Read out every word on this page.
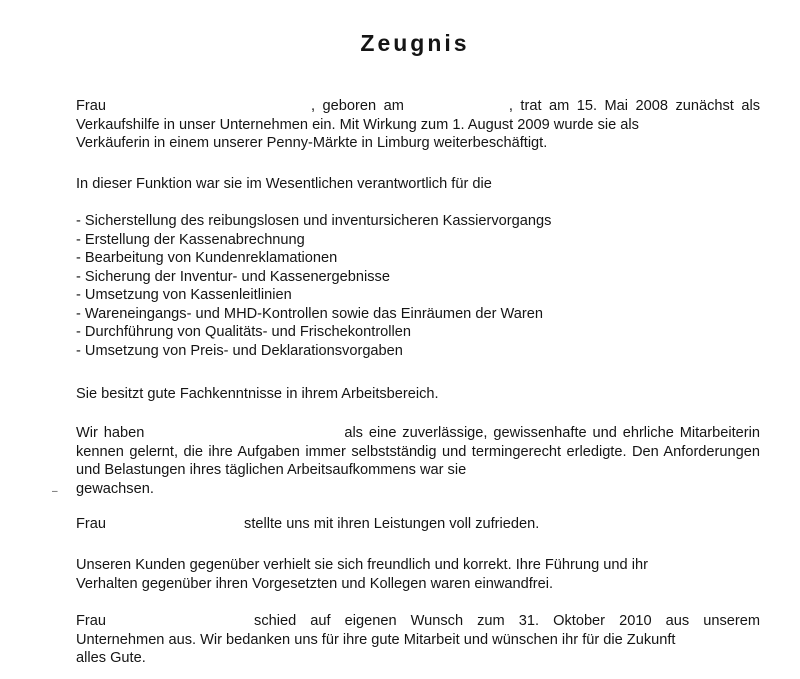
Zeugnis
Frau	, geboren am	, trat am 15. Mai 2008 zunächst als Verkaufshilfe in unser Unternehmen ein. Mit Wirkung zum 1. August 2009 wurde sie als
Verkäuferin in einem unserer Penny-Märkte in Limburg weiterbeschäftigt.
In dieser Funktion war sie im Wesentlichen verantwortlich für die
- Sicherstellung des reibungslosen und inventursicheren Kassiervorgangs
- Erstellung der Kassenabrechnung
- Bearbeitung von Kundenreklamationen
- Sicherung der Inventur- und Kassenergebnisse
- Umsetzung von Kassenleitlinien
- Wareneingangs- und MHD-Kontrollen sowie das Einräumen der Waren
- Durchführung von Qualitäts- und Frischekontrollen
- Umsetzung von Preis- und Deklarationsvorgaben
Sie besitzt gute Fachkenntnisse in ihrem Arbeitsbereich.
Wir haben	als eine zuverlässige, gewissenhafte und ehrliche Mitarbeiterin kennen gelernt, die ihre Aufgaben immer selbstständig und termingerecht erledigte. Den Anforderungen und Belastungen ihres täglichen Arbeitsaufkommens war sie
gewachsen.
–
Frau	stellte uns mit ihren Leistungen voll zufrieden.
Unseren Kunden gegenüber verhielt sie sich freundlich und korrekt. Ihre Führung und ihr
Verhalten gegenüber ihren Vorgesetzten und Kollegen waren einwandfrei.
Frau	schied auf eigenen Wunsch zum 31. Oktober 2010 aus unserem Unternehmen aus. Wir bedanken uns für ihre gute Mitarbeit und wünschen ihr für die Zukunft
alles Gute.
